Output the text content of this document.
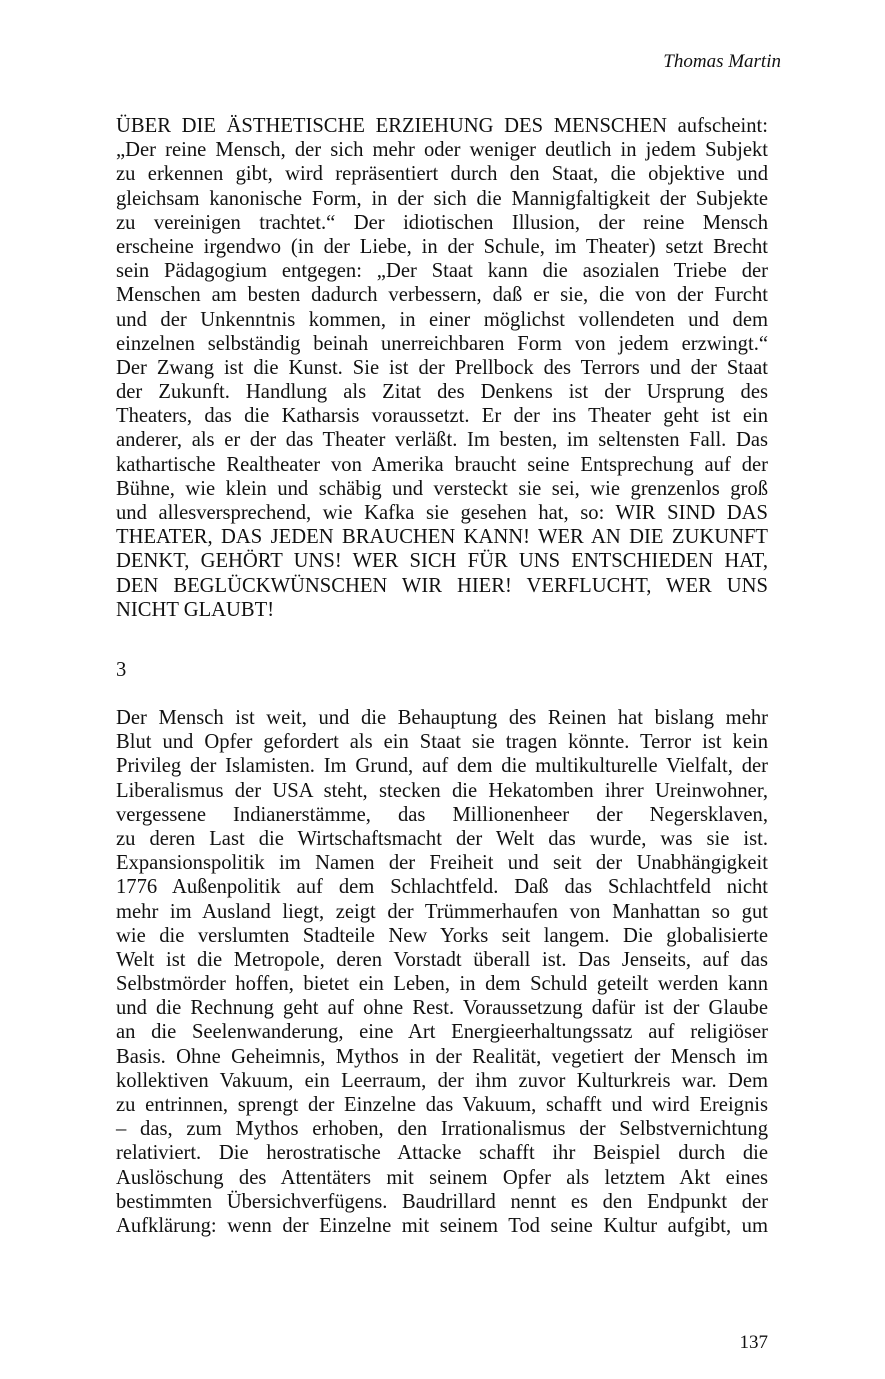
Thomas Martin
ÜBER DIE ÄSTHETISCHE ERZIEHUNG DES MENSCHEN aufscheint:
„Der reine Mensch, der sich mehr oder weniger deutlich in jedem Subjekt
zu erkennen gibt, wird repräsentiert durch den Staat, die objektive und
gleichsam kanonische Form, in der sich die Mannigfaltigkeit der Subjekte
zu vereinigen trachtet.“ Der idiotischen Illusion, der reine Mensch
erscheine irgendwo (in der Liebe, in der Schule, im Theater) setzt Brecht
sein Pädagogium entgegen: „Der Staat kann die asozialen Triebe der
Menschen am besten dadurch verbessern, daß er sie, die von der Furcht
und der Unkenntnis kommen, in einer möglichst vollendeten und dem
einzelnen selbständig beinah unerreichbaren Form von jedem erzwingt.“
Der Zwang ist die Kunst. Sie ist der Prellbock des Terrors und der Staat
der Zukunft. Handlung als Zitat des Denkens ist der Ursprung des
Theaters, das die Katharsis voraussetzt. Er der ins Theater geht ist ein
anderer, als er der das Theater verläßt. Im besten, im seltensten Fall. Das
kathartische Realtheater von Amerika braucht seine Entsprechung auf der
Bühne, wie klein und schäbig und versteckt sie sei, wie grenzenlos groß
und allesversprechend, wie Kafka sie gesehen hat, so: WIR SIND DAS
THEATER, DAS JEDEN BRAUCHEN KANN! WER AN DIE ZUKUNFT
DENKT, GEHÖRT UNS! WER SICH FÜR UNS ENTSCHIEDEN HAT,
DEN BEGLÜCKWÜNSCHEN WIR HIER! VERFLUCHT, WER UNS
NICHT GLAUBT!
3
Der Mensch ist weit, und die Behauptung des Reinen hat bislang mehr
Blut und Opfer gefordert als ein Staat sie tragen könnte. Terror ist kein
Privileg der Islamisten. Im Grund, auf dem die multikulturelle Vielfalt, der
Liberalismus der USA steht, stecken die Hekatomben ihrer Ureinwohner,
vergessene Indianerstämme, das Millionenheer der Negersklaven,
zu deren Last die Wirtschaftsmacht der Welt das wurde, was sie ist.
Expansionspolitik im Namen der Freiheit und seit der Unabhängigkeit
1776 Außenpolitik auf dem Schlachtfeld. Daß das Schlachtfeld nicht
mehr im Ausland liegt, zeigt der Trümmerhaufen von Manhattan so gut
wie die verslumten Stadteile New Yorks seit langem. Die globalisierte
Welt ist die Metropole, deren Vorstadt überall ist. Das Jenseits, auf das
Selbstmörder hoffen, bietet ein Leben, in dem Schuld geteilt werden kann
und die Rechnung geht auf ohne Rest. Voraussetzung dafür ist der Glaube
an die Seelenwanderung, eine Art Energieerhaltungssatz auf religiöser
Basis. Ohne Geheimnis, Mythos in der Realität, vegetiert der Mensch im
kollektiven Vakuum, ein Leerraum, der ihm zuvor Kulturkreis war. Dem
zu entrinnen, sprengt der Einzelne das Vakuum, schafft und wird Ereignis
– das, zum Mythos erhoben, den Irrationalismus der Selbstvernichtung
relativiert. Die herostratische Attacke schafft ihr Beispiel durch die
Auslöschung des Attentäters mit seinem Opfer als letztem Akt eines
bestimmten Übersichverfügens. Baudrillard nennt es den Endpunkt der
Aufklärung: wenn der Einzelne mit seinem Tod seine Kultur aufgibt, um
137
